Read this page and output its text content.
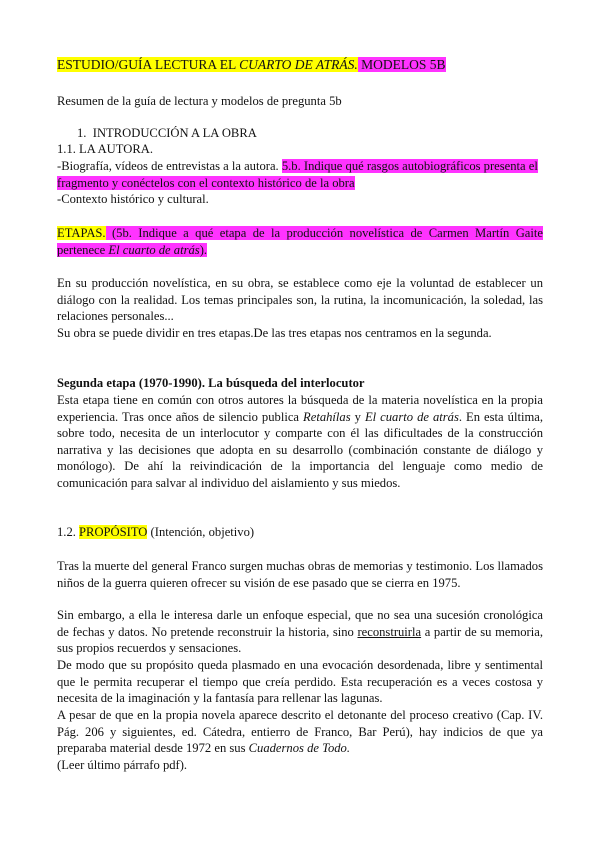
ESTUDIO/GUÍA LECTURA EL CUARTO DE ATRÁS. MODELOS 5B
Resumen de la guía de lectura y modelos de pregunta 5b
1. INTRODUCCIÓN A LA OBRA
1.1. LA AUTORA.
-Biografía, vídeos de entrevistas a la autora. 5.b. Indique qué rasgos autobiográficos presenta el fragmento y conéctelos con el contexto histórico de la obra
-Contexto histórico y cultural.
ETAPAS. (5b. Indique a qué etapa de la producción novelística de Carmen Martín Gaite pertenece El cuarto de atrás).
En su producción novelística, en su obra, se establece como eje la voluntad de establecer un diálogo con la realidad. Los temas principales son, la rutina, la incomunicación, la soledad, las relaciones personales...
Su obra se puede dividir en tres etapas.De las tres etapas nos centramos en la segunda.
Segunda etapa (1970-1990). La búsqueda del interlocutor
Esta etapa tiene en común con otros autores la búsqueda de la materia novelística en la propia experiencia. Tras once años de silencio publica Retahílas y El cuarto de atrás. En esta última, sobre todo, necesita de un interlocutor y comparte con él las dificultades de la construcción narrativa y las decisiones que adopta en su desarrollo (combinación constante de diálogo y monólogo). De ahí la reivindicación de la importancia del lenguaje como medio de comunicación para salvar al individuo del aislamiento y sus miedos.
1.2. PROPÓSITO (Intención, objetivo)
Tras la muerte del general Franco surgen muchas obras de memorias y testimonio. Los llamados niños de la guerra quieren ofrecer su visión de ese pasado que se cierra en 1975.
Sin embargo, a ella le interesa darle un enfoque especial, que no sea una sucesión cronológica de fechas y datos. No pretende reconstruir la historia, sino reconstruirla a partir de su memoria, sus propios recuerdos y sensaciones.
De modo que su propósito queda plasmado en una evocación desordenada, libre y sentimental que le permita recuperar el tiempo que creía perdido. Esta recuperación es a veces costosa y necesita de la imaginación y la fantasía para rellenar las lagunas.
A pesar de que en la propia novela aparece descrito el detonante del proceso creativo (Cap. IV. Pág. 206 y siguientes, ed. Cátedra, entierro de Franco, Bar Perú), hay indicios de que ya preparaba material desde 1972 en sus Cuadernos de Todo.
(Leer último párrafo pdf).
